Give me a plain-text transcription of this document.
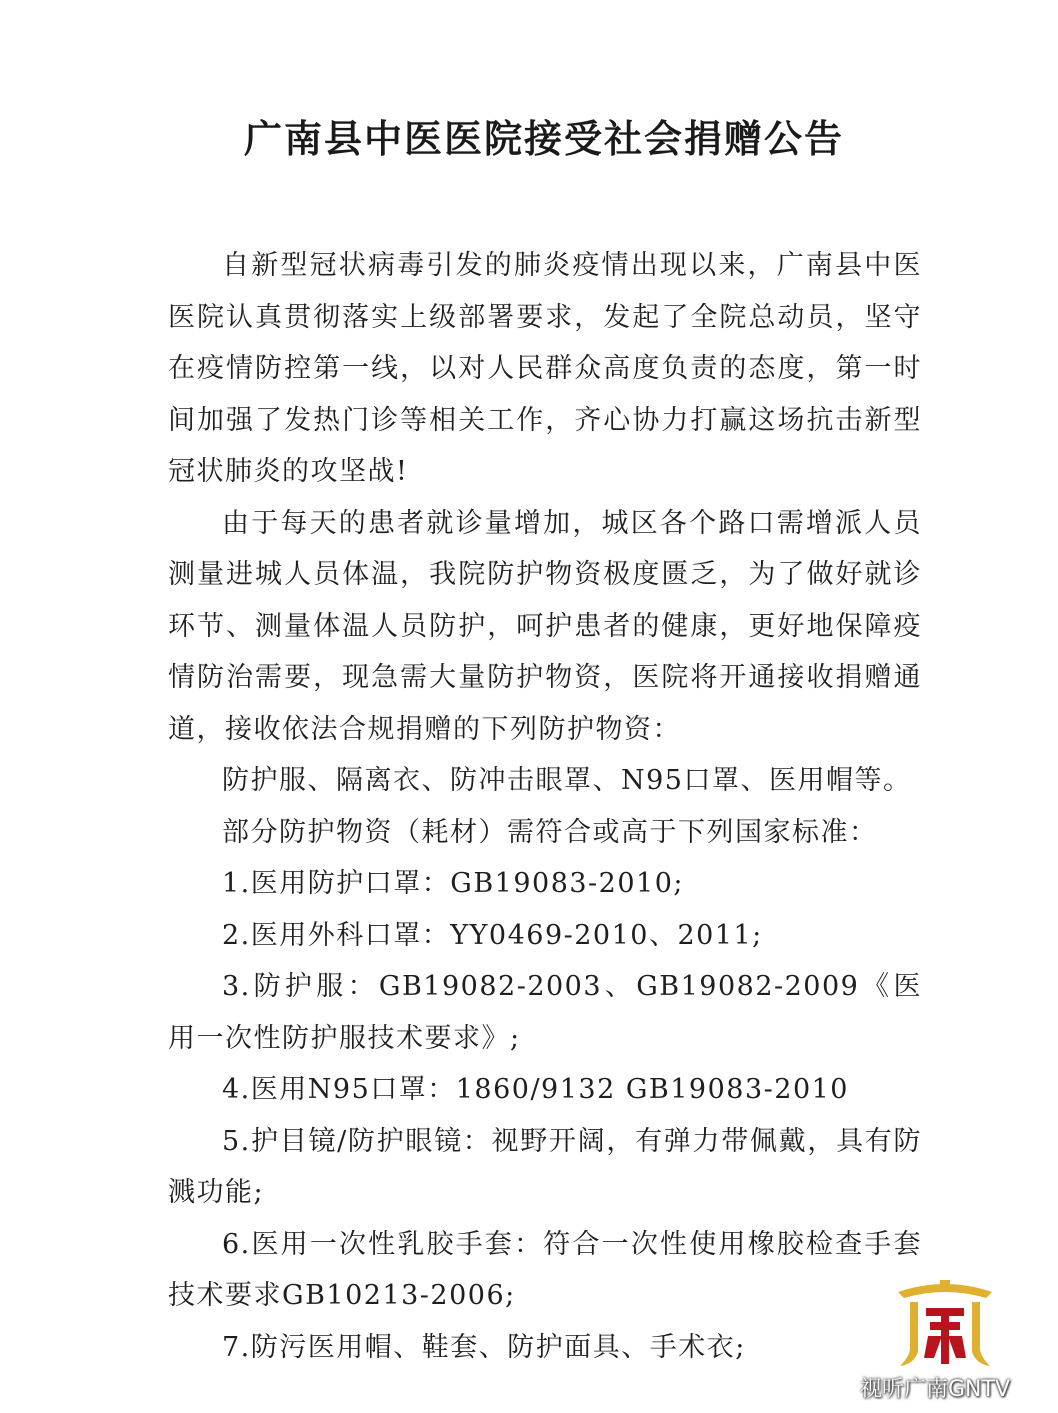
广南县中医医院接受社会捐赠公告

自新型冠状病毒引发的肺炎疫情出现以来，广南县中医医院认真贯彻落实上级部署要求，发起了全院总动员，坚守在疫情防控第一线，以对人民群众高度负责的态度，第一时间加强了发热门诊等相关工作，齐心协力打赢这场抗击新型冠状肺炎的攻坚战!

由于每天的患者就诊量增加，城区各个路口需增派人员测量进城人员体温，我院防护物资极度匮乏，为了做好就诊环节、测量体温人员防护，呵护患者的健康，更好地保障疫情防治需要，现急需大量防护物资，医院将开通接收捐赠通道，接收依法合规捐赠的下列防护物资：

防护服、隔离衣、防冲击眼罩、N95口罩、医用帽等。

部分防护物资（耗材）需符合或高于下列国家标准：

1.医用防护口罩：GB19083-2010;

2.医用外科口罩：YY0469-2010、2011;

3.防护服：GB19082-2003、GB19082-2009《医用一次性防护服技术要求》;

4.医用N95口罩：1860/9132 GB19083-2010

5.护目镜/防护眼镜：视野开阔，有弹力带佩戴，具有防溅功能;

6.医用一次性乳胶手套：符合一次性使用橡胶检查手套技术要求GB10213-2006;

7.防污医用帽、鞋套、防护面具、手术衣;

视听广南GNTV
